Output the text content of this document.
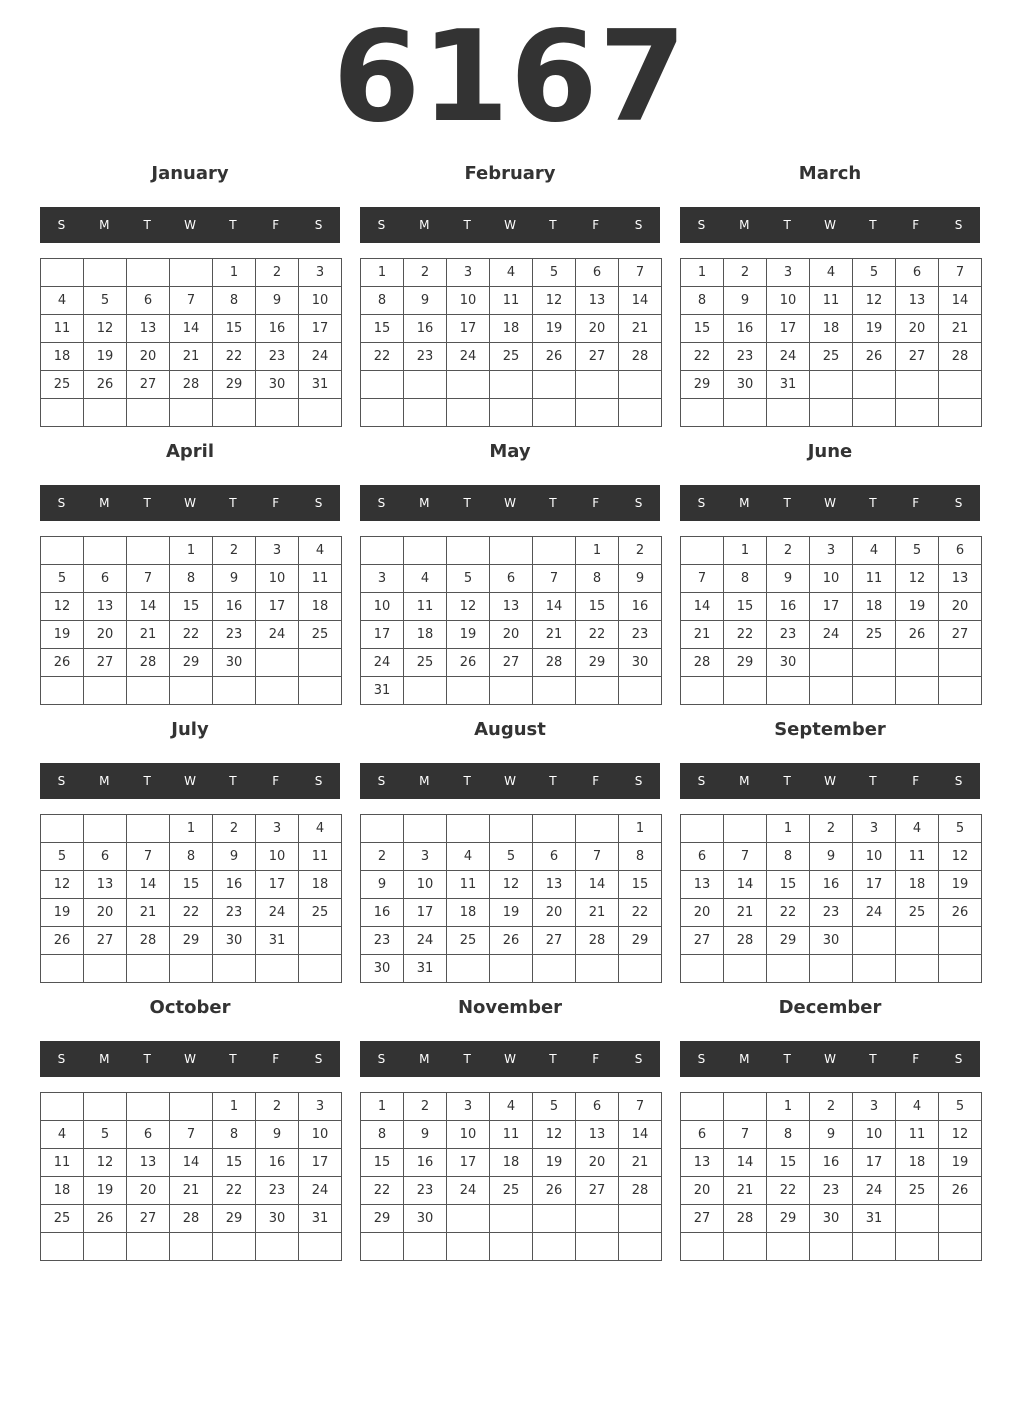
6167
January
S	M	T	W	T	F	S
				1	2	3
4	5	6	7	8	9	10
11	12	13	14	15	16	17
18	19	20	21	22	23	24
25	26	27	28	29	30	31

February
S	M	T	W	T	F	S
1	2	3	4	5	6	7
8	9	10	11	12	13	14
15	16	17	18	19	20	21
22	23	24	25	26	27	28

March
S	M	T	W	T	F	S
1	2	3	4	5	6	7
8	9	10	11	12	13	14
15	16	17	18	19	20	21
22	23	24	25	26	27	28
29	30	31				

April
S	M	T	W	T	F	S
			1	2	3	4
5	6	7	8	9	10	11
12	13	14	15	16	17	18
19	20	21	22	23	24	25
26	27	28	29	30		

May
S	M	T	W	T	F	S
					1	2
3	4	5	6	7	8	9
10	11	12	13	14	15	16
17	18	19	20	21	22	23
24	25	26	27	28	29	30
31						
June
S	M	T	W	T	F	S
	1	2	3	4	5	6
7	8	9	10	11	12	13
14	15	16	17	18	19	20
21	22	23	24	25	26	27
28	29	30				

July
S	M	T	W	T	F	S
			1	2	3	4
5	6	7	8	9	10	11
12	13	14	15	16	17	18
19	20	21	22	23	24	25
26	27	28	29	30	31	

August
S	M	T	W	T	F	S
						1
2	3	4	5	6	7	8
9	10	11	12	13	14	15
16	17	18	19	20	21	22
23	24	25	26	27	28	29
30	31					
September
S	M	T	W	T	F	S
		1	2	3	4	5
6	7	8	9	10	11	12
13	14	15	16	17	18	19
20	21	22	23	24	25	26
27	28	29	30			

October
S	M	T	W	T	F	S
				1	2	3
4	5	6	7	8	9	10
11	12	13	14	15	16	17
18	19	20	21	22	23	24
25	26	27	28	29	30	31

November
S	M	T	W	T	F	S
1	2	3	4	5	6	7
8	9	10	11	12	13	14
15	16	17	18	19	20	21
22	23	24	25	26	27	28
29	30					

December
S	M	T	W	T	F	S
		1	2	3	4	5
6	7	8	9	10	11	12
13	14	15	16	17	18	19
20	21	22	23	24	25	26
27	28	29	30	31		
